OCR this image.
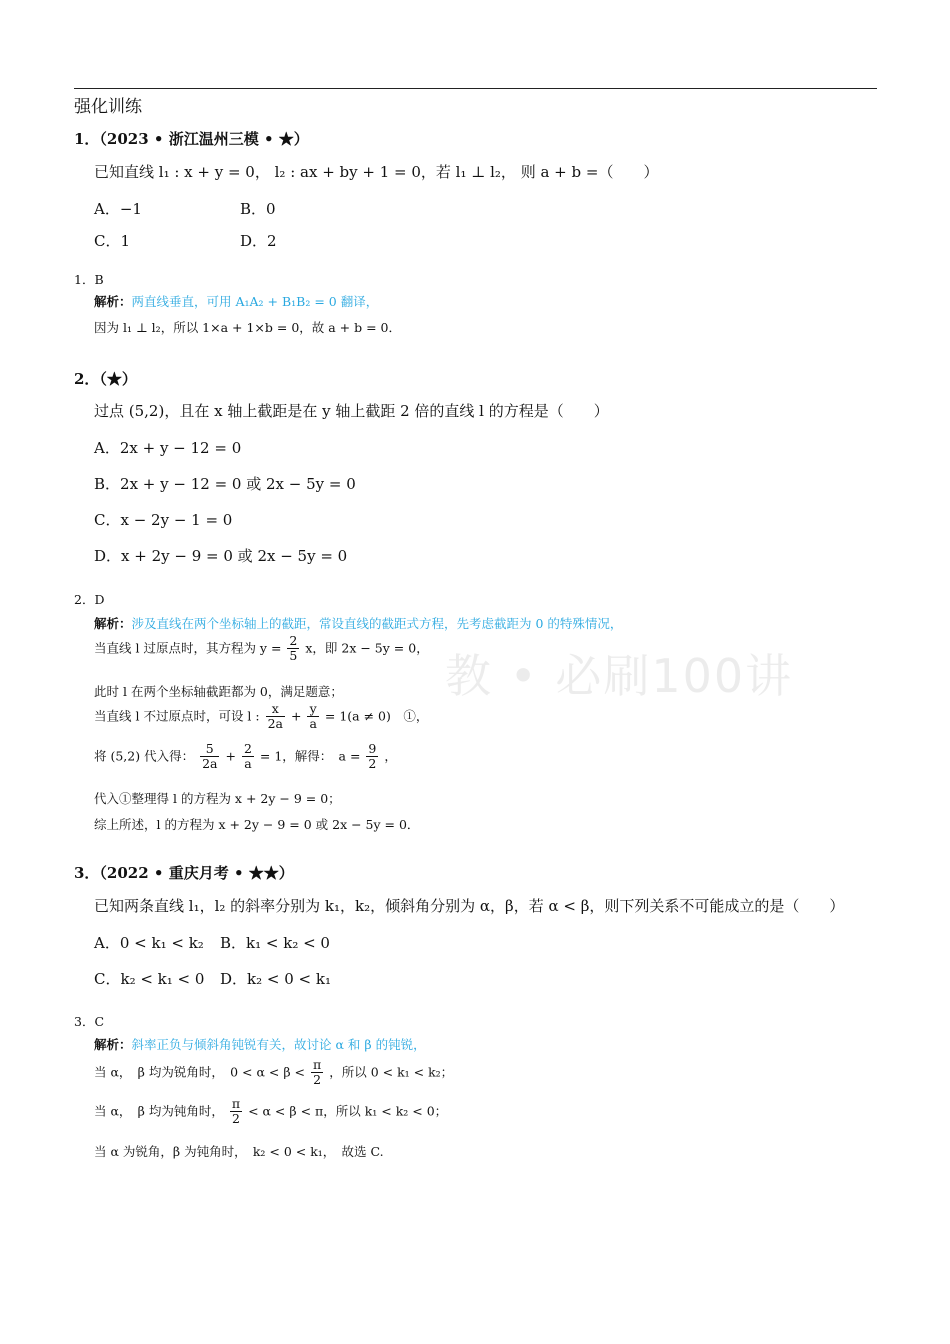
教 • 必刷100讲
强化训练
1．（2023 • 浙江温州三模 • ★）
已知直线 l₁ : x + y = 0， l₂ : ax + by + 1 = 0，若 l₁ ⊥ l₂， 则 a + b =（　　）
A．−1	B．0
C．1	D．2
1．B
解析：两直线垂直，可用 A₁A₂ + B₁B₂ = 0 翻译，
因为 l₁ ⊥ l₂，所以 1×a + 1×b = 0，故 a + b = 0．
2．（★）
过点 (5,2)，且在 x 轴上截距是在 y 轴上截距 2 倍的直线 l 的方程是（　　）
A．2x + y − 12 = 0
B．2x + y − 12 = 0 或 2x − 5y = 0
C．x − 2y − 1 = 0
D．x + 2y − 9 = 0 或 2x − 5y = 0
2．D
解析：涉及直线在两个坐标轴上的截距，常设直线的截距式方程，先考虑截距为 0 的特殊情况，
当直线 l 过原点时，其方程为 $y = \frac{2}{5}$ x，即 2x − 5y = 0，
此时 l 在两个坐标轴截距都为 0，满足题意；
当直线 l 不过原点时，可设 l : $\frac{x}{2a} + \frac{y}{a} = 1(a \ne 0)$　①，
将 (5,2) 代入得： $\frac{5}{2a} + \frac{2}{a} = 1$，解得：　$a = \frac{9}{2}$ ，
代入①整理得 l 的方程为 x + 2y − 9 = 0；
综上所述，l 的方程为 x + 2y − 9 = 0 或 2x − 5y = 0．
3．（2022 • 重庆月考 • ★★）
已知两条直线 l₁，l₂ 的斜率分别为 k₁，k₂，倾斜角分别为 α，β，若 α < β，则下列关系不可能成立的是（　　）
A．0 < k₁ < k₂ B．k₁ < k₂ < 0
C．k₂ < k₁ < 0 D．k₂ < 0 < k₁
3．C
解析：斜率正负与倾斜角钝锐有关，故讨论 α 和 β 的钝锐，
当 α，　β 均为锐角时，　$0 < \alpha < \beta < \frac{\pi}{2}$ ，所以 0 < k₁ < k₂；
当 α，　β 均为钝角时， $\frac{\pi}{2} < \alpha < \beta < \pi$，所以 k₁ < k₂ < 0；
当 α 为锐角，β 为钝角时，　k₂ < 0 < k₁，　故选 C.
